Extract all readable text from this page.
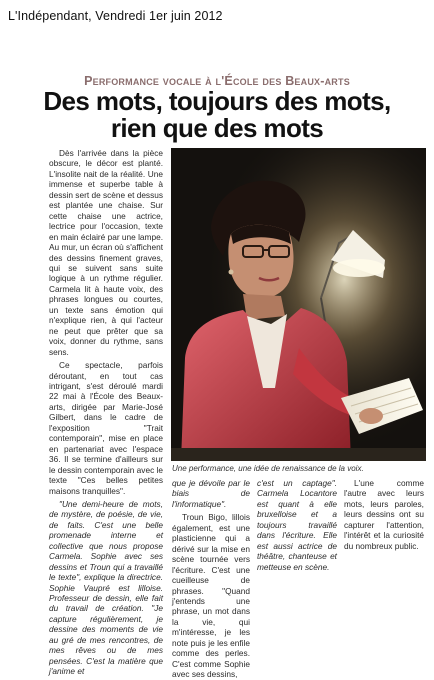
L'Indépendant, Vendredi 1er juin 2012
Performance vocale à l'École des Beaux-arts
Des mots, toujours des mots,
rien que des mots

Dès l'arrivée dans la pièce obscure, le décor est planté. L'insolite nait de la réalité. Une immense et superbe table à dessin sert de scène et dessus est plantée une chaise. Sur cette chaise une actrice, lectrice pour l'occasion, texte en main éclairé par une lampe. Au mur, un écran où s'affichent des dessins finement graves, qui se suivent sans suite logique à un rythme régulier. Carmela lit à haute voix, des phrases longues ou courtes, un texte sans émotion qui n'explique rien, à qui l'acteur ne peut que prêter que sa voix, donner du rythme, sans sens.

Ce spectacle, parfois déroutant, en tout cas intrigant, s'est déroulé mardi 22 mai à l'École des Beaux-arts, dirigée par Marie-José Gilbert, dans le cadre de l'exposition "Trait contemporain", mise en place en partenariat avec l'espace 36. Il se termine d'ailleurs sur le dessin contemporain avec le texte "Ces belles petites maisons tranquilles".

"Une demi-heure de mots, de mystère, de poésie, de vie, de faits. C'est une belle promenade interne et collective que nous propose Carmela. Sophie avec ses dessins et Troun qui a travaillé le texte", explique la directrice. Sophie Vaupré est lilloise. Professeur de dessin, elle fait du travail de création. "Je capture régulièrement, je dessine des moments de vie au gré de mes rencontres, de mes rêves ou de mes pensées. C'est la matière que j'anime et

Une performance, une idée de renaissance de la voix.

que je dévoile par le biais de l'informatique".

Troun Bigo, lillois également, est une plasticienne qui a dérivé sur la mise en scène tournée vers l'écriture. C'est une cueilleuse de phrases. "Quand j'entends une phrase, un mot dans la vie, qui m'intéresse, je les note puis je les enfile comme des perles. C'est comme Sophie avec ses dessins,

c'est un captage". Carmela Locantore est quant à elle bruxelloise et a toujours travaillé dans l'écriture. Elle est aussi actrice de théâtre, chanteuse et metteuse en scène.

L'une comme l'autre avec leurs mots, leurs paroles, leurs dessins ont su capturer l'attention, l'intérêt et la curiosité du nombreux public.
